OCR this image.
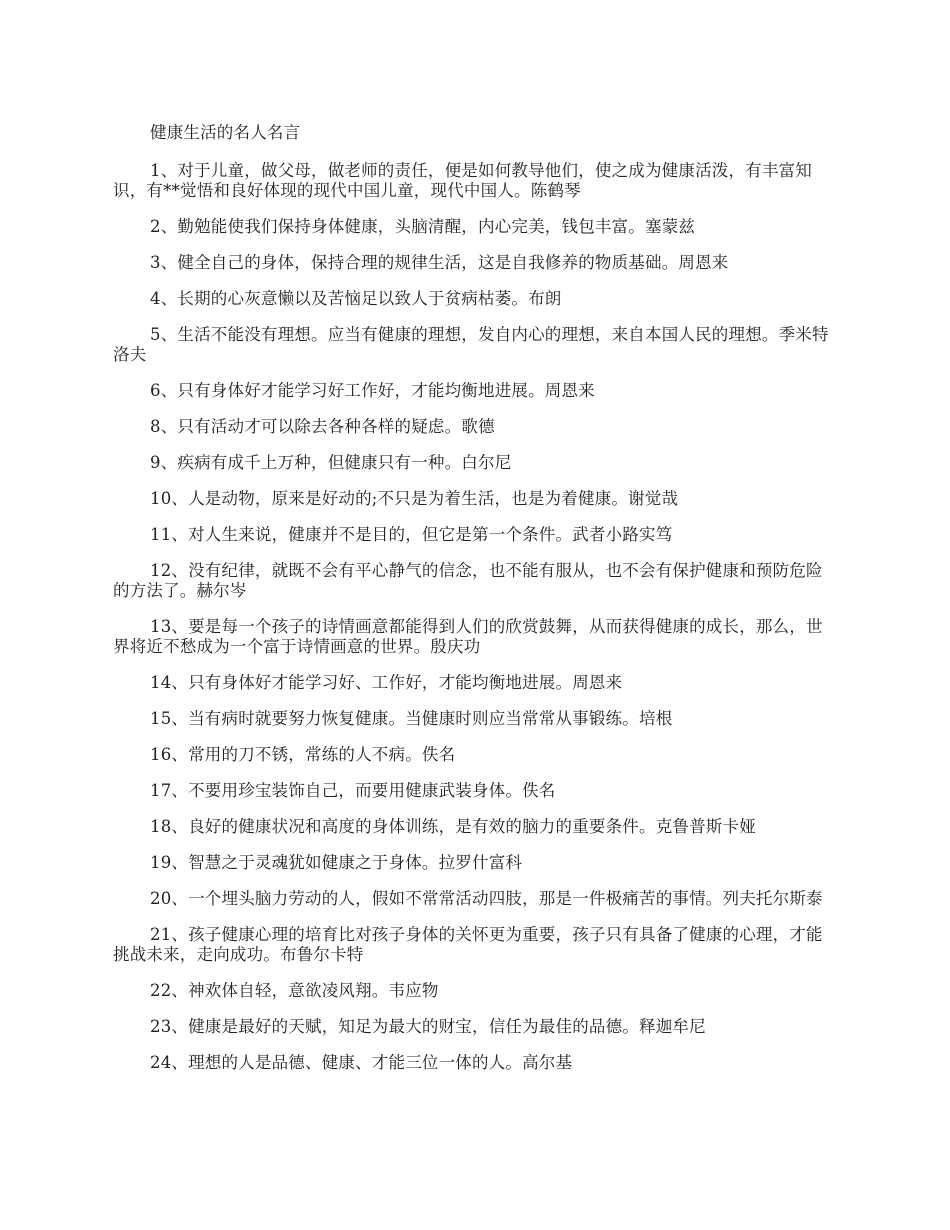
健康生活的名人名言

1、对于儿童，做父母，做老师的责任，便是如何教导他们，使之成为健康活泼，有丰富知识，有**觉悟和良好体现的现代中国儿童，现代中国人。陈鹤琴

2、勤勉能使我们保持身体健康，头脑清醒，内心完美，钱包丰富。塞蒙兹

3、健全自己的身体，保持合理的规律生活，这是自我修养的物质基础。周恩来

4、长期的心灰意懒以及苦恼足以致人于贫病枯萎。布朗

5、生活不能没有理想。应当有健康的理想，发自内心的理想，来自本国人民的理想。季米特洛夫

6、只有身体好才能学习好工作好，才能均衡地进展。周恩来

8、只有活动才可以除去各种各样的疑虑。歌德

9、疾病有成千上万种，但健康只有一种。白尔尼

10、人是动物，原来是好动的;不只是为着生活，也是为着健康。谢觉哉

11、对人生来说，健康并不是目的，但它是第一个条件。武者小路实笃

12、没有纪律，就既不会有平心静气的信念，也不能有服从，也不会有保护健康和预防危险的方法了。赫尔岑

13、要是每一个孩子的诗情画意都能得到人们的欣赏鼓舞，从而获得健康的成长，那么，世界将近不愁成为一个富于诗情画意的世界。殷庆功

14、只有身体好才能学习好、工作好，才能均衡地进展。周恩来

15、当有病时就要努力恢复健康。当健康时则应当常常从事锻练。培根

16、常用的刀不锈，常练的人不病。佚名

17、不要用珍宝装饰自己，而要用健康武装身体。佚名

18、良好的健康状况和高度的身体训练，是有效的脑力的重要条件。克鲁普斯卡娅

19、智慧之于灵魂犹如健康之于身体。拉罗什富科

20、一个埋头脑力劳动的人，假如不常常活动四肢，那是一件极痛苦的事情。列夫托尔斯泰

21、孩子健康心理的培育比对孩子身体的关怀更为重要，孩子只有具备了健康的心理，才能挑战未来，走向成功。布鲁尔卡特

22、神欢体自轻，意欲凌风翔。韦应物

23、健康是最好的天赋，知足为最大的财宝，信任为最佳的品德。释迦牟尼

24、理想的人是品德、健康、才能三位一体的人。高尔基
